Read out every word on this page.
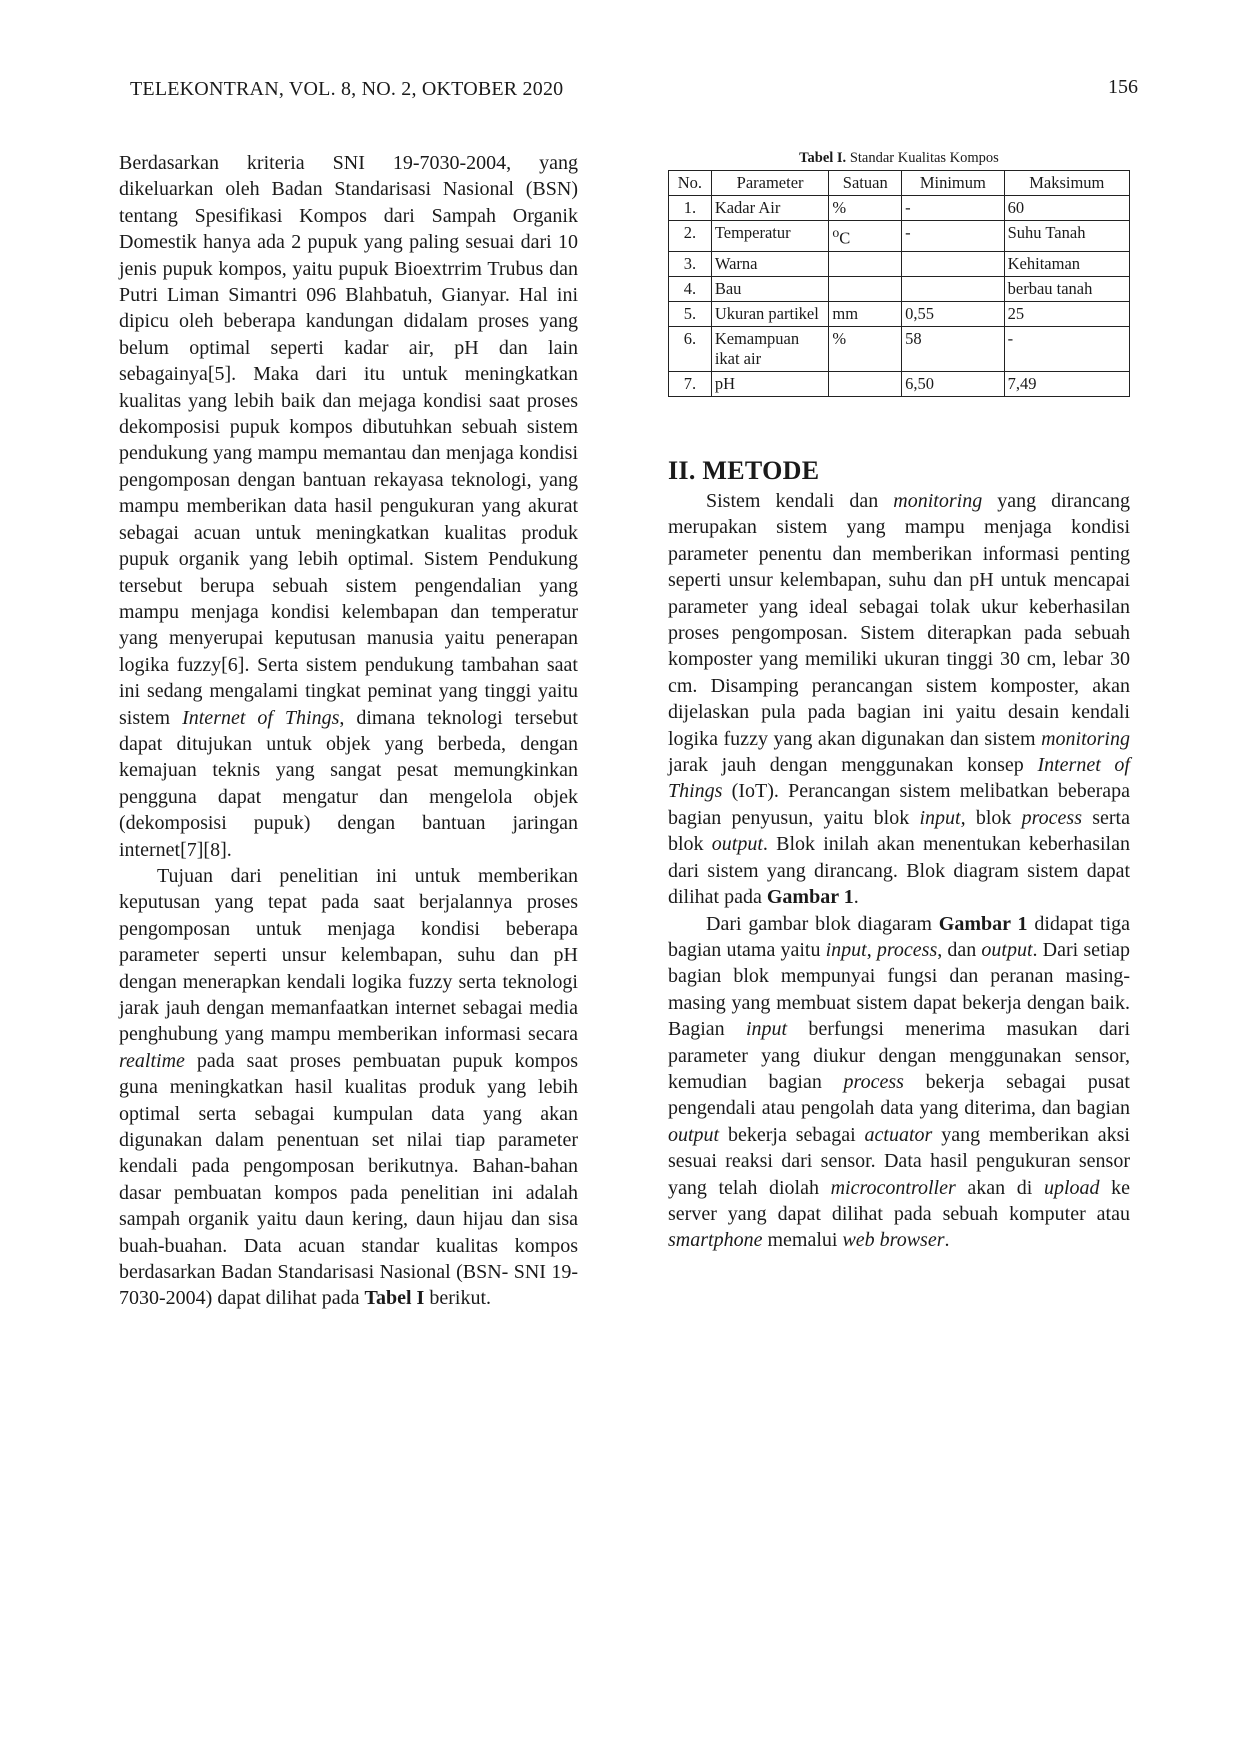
TELEKONTRAN, VOL. 8, NO. 2, OKTOBER 2020	156

Berdasarkan kriteria SNI 19-7030-2004, yang dikeluarkan oleh Badan Standarisasi Nasional (BSN) tentang Spesifikasi Kompos dari Sampah Organik Domestik hanya ada 2 pupuk yang paling sesuai dari 10 jenis pupuk kompos, yaitu pupuk Bioextrrim Trubus dan Putri Liman Simantri 096 Blahbatuh, Gianyar. Hal ini dipicu oleh beberapa kandungan didalam proses yang belum optimal seperti kadar air, pH dan lain sebagainya[5]. Maka dari itu untuk meningkatkan kualitas yang lebih baik dan mejaga kondisi saat proses dekomposisi pupuk kompos dibutuhkan sebuah sistem pendukung yang mampu memantau dan menjaga kondisi pengomposan dengan bantuan rekayasa teknologi, yang mampu memberikan data hasil pengukuran yang akurat sebagai acuan untuk meningkatkan kualitas produk pupuk organik yang lebih optimal. Sistem Pendukung tersebut berupa sebuah sistem pengendalian yang mampu menjaga kondisi kelembapan dan temperatur yang menyerupai keputusan manusia yaitu penerapan logika fuzzy[6]. Serta sistem pendukung tambahan saat ini sedang mengalami tingkat peminat yang tinggi yaitu sistem Internet of Things, dimana teknologi tersebut dapat ditujukan untuk objek yang berbeda, dengan kemajuan teknis yang sangat pesat memungkinkan pengguna dapat mengatur dan mengelola objek (dekomposisi pupuk) dengan bantuan jaringan internet[7][8].

Tujuan dari penelitian ini untuk memberikan keputusan yang tepat pada saat berjalannya proses pengomposan untuk menjaga kondisi beberapa parameter seperti unsur kelembapan, suhu dan pH dengan menerapkan kendali logika fuzzy serta teknologi jarak jauh dengan memanfaatkan internet sebagai media penghubung yang mampu memberikan informasi secara realtime pada saat proses pembuatan pupuk kompos guna meningkatkan hasil kualitas produk yang lebih optimal serta sebagai kumpulan data yang akan digunakan dalam penentuan set nilai tiap parameter kendali pada pengomposan berikutnya. Bahan-bahan dasar pembuatan kompos pada penelitian ini adalah sampah organik yaitu daun kering, daun hijau dan sisa buah-buahan. Data acuan standar kualitas kompos berdasarkan Badan Standarisasi Nasional (BSN- SNI 19-7030-2004) dapat dilihat pada Tabel I berikut.

Tabel I. Standar Kualitas Kompos
No.	Parameter	Satuan	Minimum	Maksimum
1.	Kadar Air	%	-	60
2.	Temperatur	$^o$C	-	Suhu Tanah
3.	Warna			Kehitaman
4.	Bau			berbau tanah
5.	Ukuran partikel	mm	0,55	25
6.	Kemampuan ikat air	%	58	-
7.	pH		6,50	7,49
II. METODE

Sistem kendali dan monitoring yang dirancang merupakan sistem yang mampu menjaga kondisi parameter penentu dan memberikan informasi penting seperti unsur kelembapan, suhu dan pH untuk mencapai parameter yang ideal sebagai tolak ukur keberhasilan proses pengomposan. Sistem diterapkan pada sebuah komposter yang memiliki ukuran tinggi 30 cm, lebar 30 cm. Disamping perancangan sistem komposter, akan dijelaskan pula pada bagian ini yaitu desain kendali logika fuzzy yang akan digunakan dan sistem monitoring jarak jauh dengan menggunakan konsep Internet of Things (IoT). Perancangan sistem melibatkan beberapa bagian penyusun, yaitu blok input, blok process serta blok output. Blok inilah akan menentukan keberhasilan dari sistem yang dirancang. Blok diagram sistem dapat dilihat pada Gambar 1.

Dari gambar blok diagaram Gambar 1 didapat tiga bagian utama yaitu input, process, dan output. Dari setiap bagian blok mempunyai fungsi dan peranan masing-masing yang membuat sistem dapat bekerja dengan baik. Bagian input berfungsi menerima masukan dari parameter yang diukur dengan menggunakan sensor, kemudian bagian process bekerja sebagai pusat pengendali atau pengolah data yang diterima, dan bagian output bekerja sebagai actuator yang memberikan aksi sesuai reaksi dari sensor. Data hasil pengukuran sensor yang telah diolah microcontroller akan di upload ke server yang dapat dilihat pada sebuah komputer atau smartphone memalui web browser.
